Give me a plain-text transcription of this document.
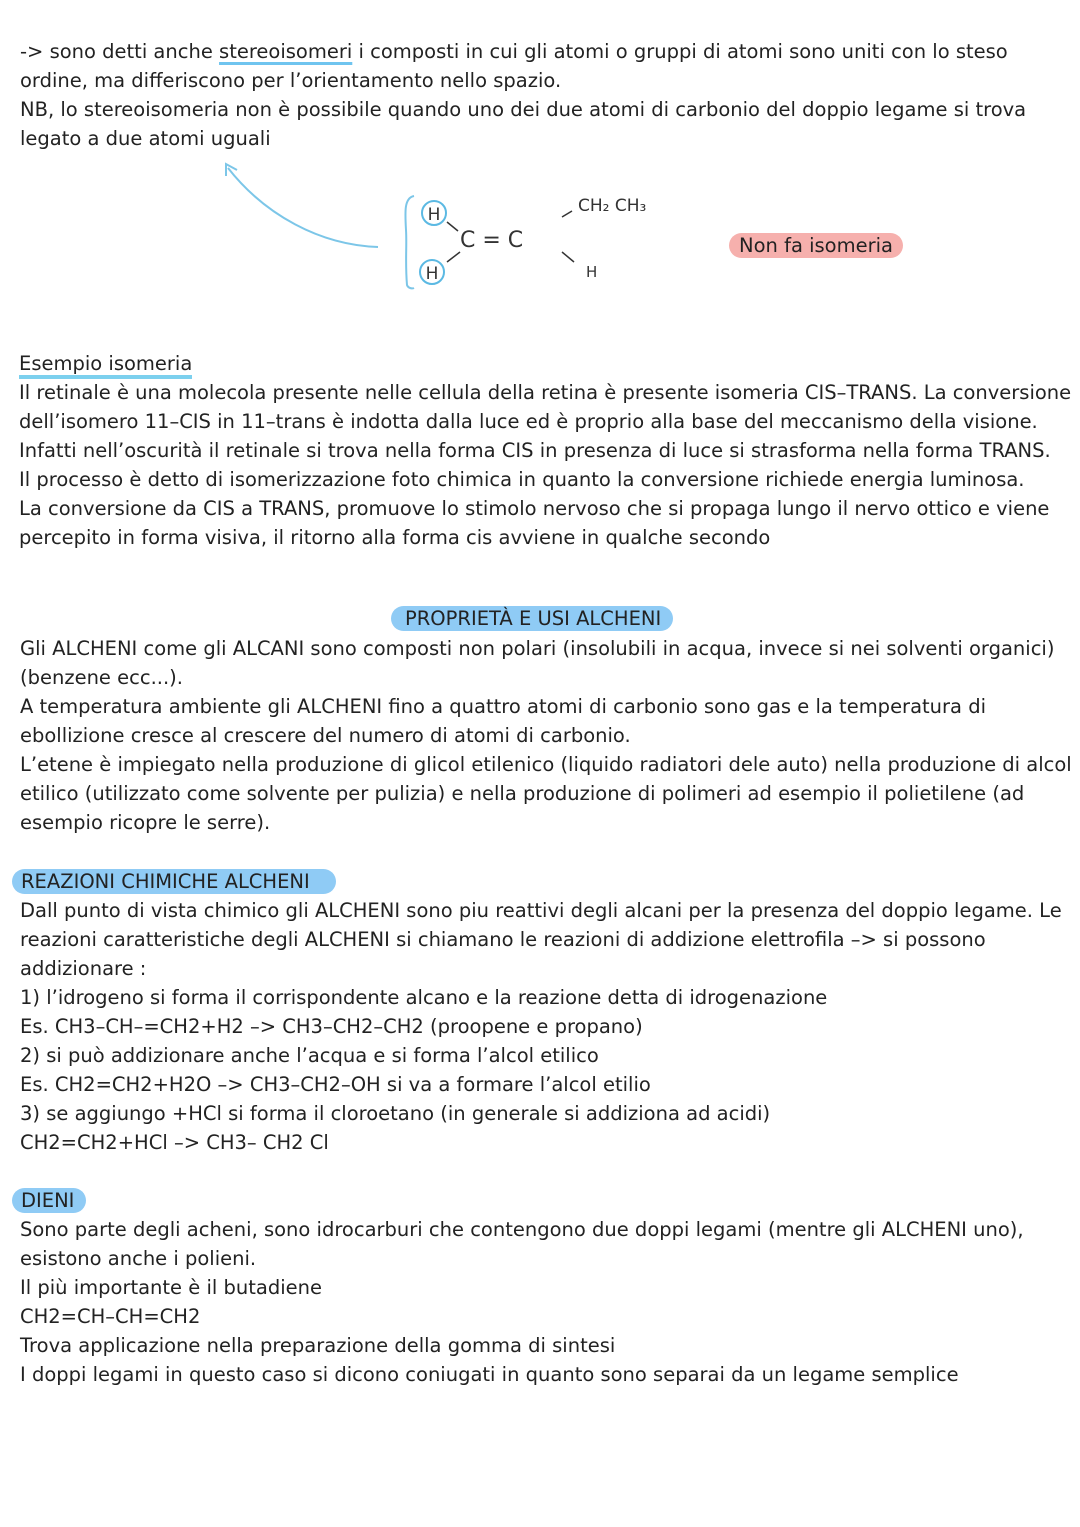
-> sono detti anche stereoisomeri i composti in cui gli atomi o gruppi di atomi sono uniti con lo steso
ordine, ma differiscono per l’orientamento nello spazio.
NB, lo stereoisomeria non è possibile quando uno dei due atomi di carbonio del doppio legame si trova
legato a due atomi uguali
H
H
C = C
CH₂ CH₃
H
Non fa isomeria
Esempio isomeria
Il retinale è una molecola presente nelle cellula della retina è presente isomeria CIS–TRANS. La conversione
dell’isomero 11–CIS in 11–trans è indotta dalla luce ed è proprio alla base del meccanismo della visione.
Infatti nell’oscurità il retinale si trova nella forma CIS in presenza di luce si strasforma nella forma TRANS.
Il processo è detto di isomerizzazione foto chimica in quanto la conversione richiede energia luminosa.
La conversione da CIS a TRANS, promuove lo stimolo nervoso che si propaga lungo il nervo ottico e viene
percepito in forma visiva, il ritorno alla forma cis avviene in qualche secondo
PROPRIETÀ E USI ALCHENI
Gli ALCHENI come gli ALCANI sono composti non polari (insolubili in acqua, invece si nei solventi organici)
(benzene ecc...).
A temperatura ambiente gli ALCHENI fino a quattro atomi di carbonio sono gas e la temperatura di
ebollizione cresce al crescere del numero di atomi di carbonio.
L’etene è impiegato nella produzione di glicol etilenico (liquido radiatori dele auto) nella produzione di alcol
etilico (utilizzato come solvente per pulizia) e nella produzione di polimeri ad esempio il polietilene (ad
esempio ricopre le serre).
REAZIONI CHIMICHE ALCHENI
Dall punto di vista chimico gli ALCHENI sono piu reattivi degli alcani per la presenza del doppio legame. Le
reazioni caratteristiche degli ALCHENI si chiamano le reazioni di addizione elettrofila –> si possono
addizionare :
1) l’idrogeno si forma il corrispondente alcano e la reazione detta di idrogenazione
Es. CH3–CH–=CH2+H2 –> CH3–CH2–CH2 (proopene e propano)
2) si può addizionare anche l’acqua e si forma l’alcol etilico
Es. CH2=CH2+H2O –> CH3–CH2–OH si va a formare l’alcol etilio
3) se aggiungo +HCl si forma il cloroetano (in generale si addiziona ad acidi)
CH2=CH2+HCl –> CH3– CH2 Cl
DIENI
Sono parte degli acheni, sono idrocarburi che contengono due doppi legami (mentre gli ALCHENI uno),
esistono anche i polieni.
Il più importante è il butadiene
CH2=CH–CH=CH2
Trova applicazione nella preparazione della gomma di sintesi
I doppi legami in questo caso si dicono coniugati in quanto sono separai da un legame semplice
